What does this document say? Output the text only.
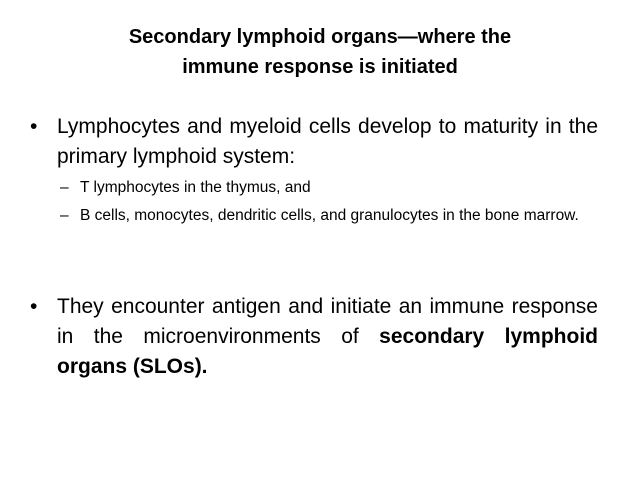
Secondary lymphoid organs—where the
immune response is initiated
• Lymphocytes and myeloid cells develop to maturity in the primary lymphoid system:
– T lymphocytes in the thymus, and
– B cells, monocytes, dendritic cells, and granulocytes in the bone marrow.
• They encounter antigen and initiate an immune response in the microenvironments of secondary lymphoid organs (SLOs).
